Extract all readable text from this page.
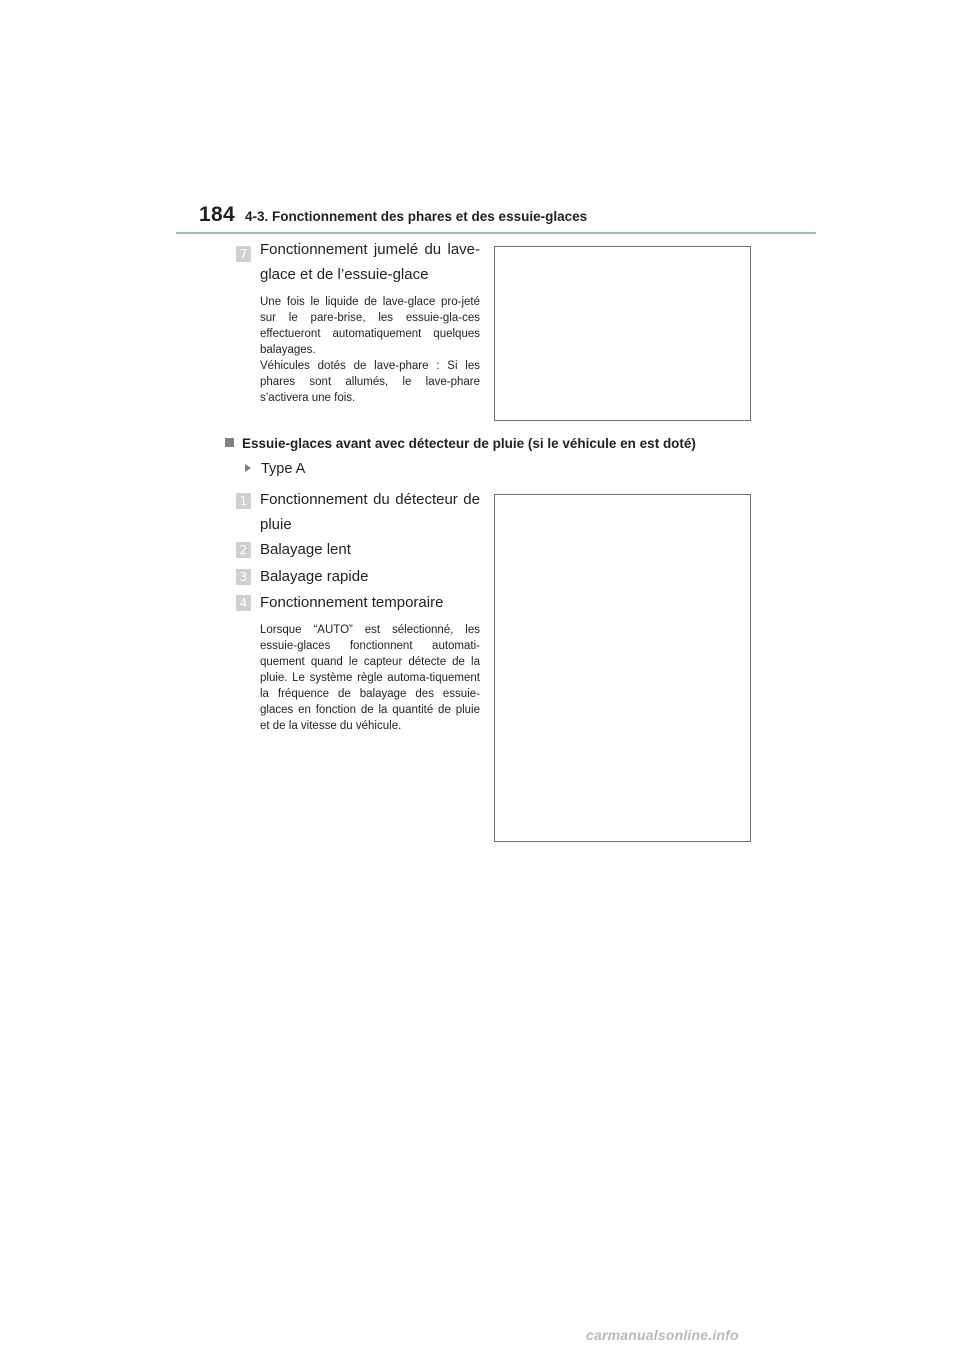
184 4-3. Fonctionnement des phares et des essuie-glaces
7 Fonctionnement jumelé du lave-glace et de l’essuie-glace

Une fois le liquide de lave-glace pro-jeté sur le pare-brise, les essuie-gla-ces effectueront automatiquement quelques balayages.

Véhicules dotés de lave-phare : Si les phares sont allumés, le lave-phare s’activera une fois.

Essuie-glaces avant avec détecteur de pluie (si le véhicule en est doté)
Type A
1 Fonctionnement du détecteur de pluie
2 Balayage lent
3 Balayage rapide
4 Fonctionnement temporaire
Lorsque “AUTO” est sélectionné, les essuie-glaces fonctionnent automati-quement quand le capteur détecte de la pluie. Le système règle automa-tiquement la fréquence de balayage des essuie-glaces en fonction de la quantité de pluie et de la vitesse du véhicule.
carmanualsonline.info
